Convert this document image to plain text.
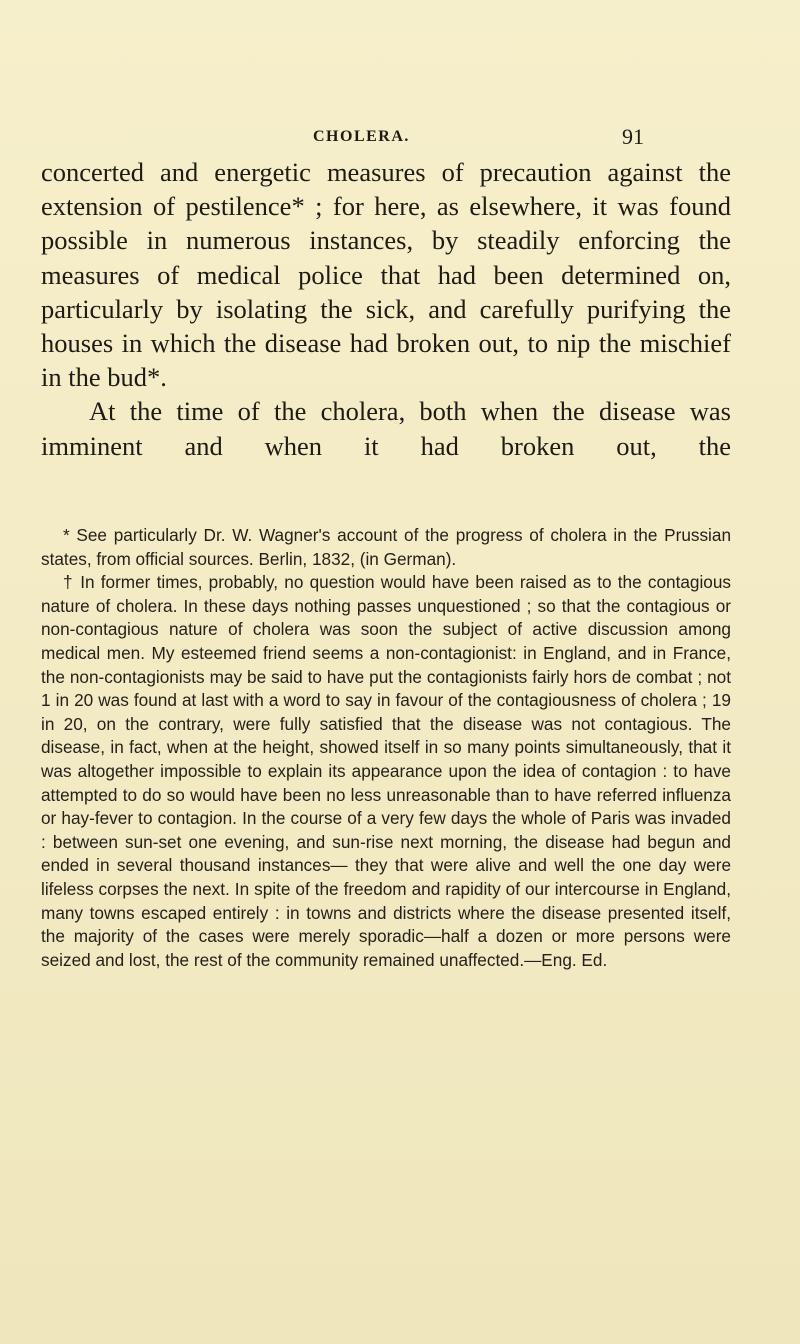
CHOLERA.	91

concerted and energetic measures of precaution against the extension of pestilence* ; for here, as elsewhere, it was found possible in numerous instances, by steadily enforcing the measures of medical police that had been determined on, particularly by isolating the sick, and carefully purifying the houses in which the disease had broken out, to nip the mischief in the bud*.

At the time of the cholera, both when the disease was imminent and when it had broken out, the

* See particularly Dr. W. Wagner's account of the progress of cholera in the Prussian states, from official sources. Berlin, 1832, (in German).

† In former times, probably, no question would have been raised as to the contagious nature of cholera. In these days nothing passes unquestioned ; so that the contagious or non-contagious nature of cholera was soon the subject of active discussion among medical men. My esteemed friend seems a non-contagionist: in England, and in France, the non-contagionists may be said to have put the contagionists fairly hors de combat ; not 1 in 20 was found at last with a word to say in favour of the contagiousness of cholera ; 19 in 20, on the contrary, were fully satisfied that the disease was not contagious. The disease, in fact, when at the height, showed itself in so many points simultaneously, that it was altogether impossible to explain its appearance upon the idea of contagion : to have attempted to do so would have been no less unreasonable than to have referred influenza or hay-fever to contagion. In the course of a very few days the whole of Paris was invaded : between sun-set one evening, and sun-rise next morning, the disease had begun and ended in several thousand instances— they that were alive and well the one day were lifeless corpses the next. In spite of the freedom and rapidity of our intercourse in England, many towns escaped entirely : in towns and districts where the disease presented itself, the majority of the cases were merely sporadic—half a dozen or more persons were seized and lost, the rest of the community remained unaffected.—Eng. Ed.
